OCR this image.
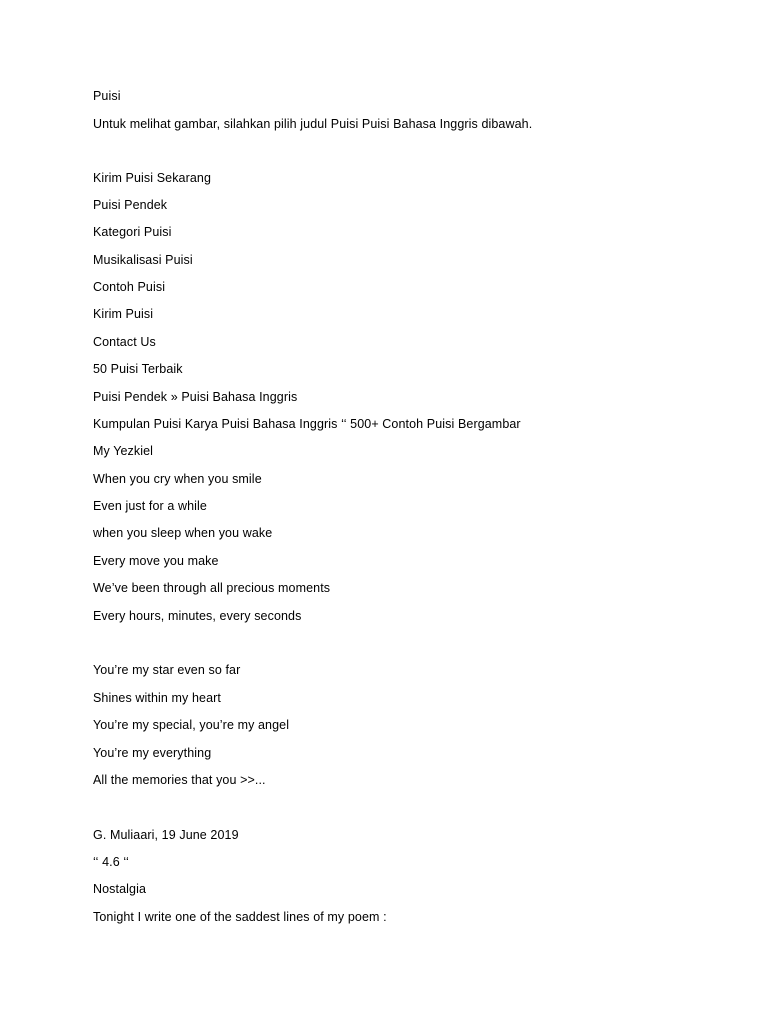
Puisi
Untuk melihat gambar, silahkan pilih judul Puisi Puisi Bahasa Inggris dibawah.
Kirim Puisi Sekarang
Puisi Pendek
Kategori Puisi
Musikalisasi Puisi
Contoh Puisi
Kirim Puisi
Contact Us
50 Puisi Terbaik
Puisi Pendek » Puisi Bahasa Inggris
Kumpulan Puisi Karya Puisi Bahasa Inggris ‘‘ 500+ Contoh Puisi Bergambar
My Yezkiel
When you cry when you smile
Even just for a while
when you sleep when you wake
Every move you make
We’ve been through all precious moments
Every hours, minutes, every seconds
You’re my star even so far
Shines within my heart
You’re my special, you’re my angel
You’re my everything
All the memories that you >>...
G. Muliaari, 19 June 2019
‘‘ 4.6 ‘‘
Nostalgia
Tonight I write one of the saddest lines of my poem :
